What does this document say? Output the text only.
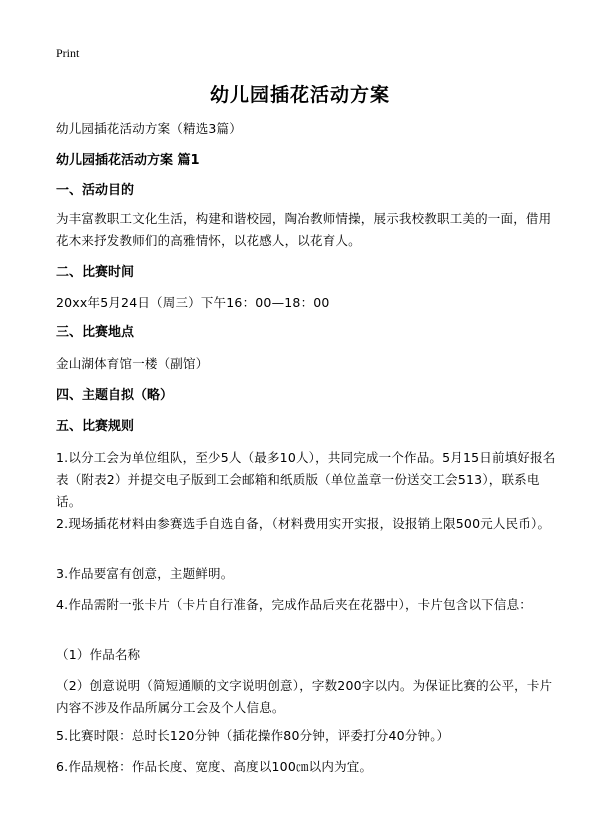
Print
幼儿园插花活动方案
幼儿园插花活动方案（精选3篇）
幼儿园插花活动方案 篇1
一、活动目的
为丰富教职工文化生活，构建和谐校园，陶冶教师情操，展示我校教职工美的一面，借用花木来抒发教师们的高雅情怀，以花感人，以花育人。
二、比赛时间
20xx年5月24日（周三）下午16：00—18：00
三、比赛地点
金山湖体育馆一楼（副馆）
四、主题自拟（略）
五、比赛规则
1.以分工会为单位组队，至少5人（最多10人），共同完成一个作品。5月15日前填好报名表（附表2）并提交电子版到工会邮箱和纸质版（单位盖章一份送交工会513），联系电话。
2.现场插花材料由参赛选手自选自备，（材料费用实开实报，设报销上限500元人民币）。
3.作品要富有创意，主题鲜明。
4.作品需附一张卡片（卡片自行准备，完成作品后夹在花器中），卡片包含以下信息：
（1）作品名称
（2）创意说明（简短通顺的文字说明创意），字数200字以内。为保证比赛的公平，卡片内容不涉及作品所属分工会及个人信息。
5.比赛时限：总时长120分钟（插花操作80分钟，评委打分40分钟。）
6.作品规格：作品长度、宽度、高度以100㎝以内为宜。
